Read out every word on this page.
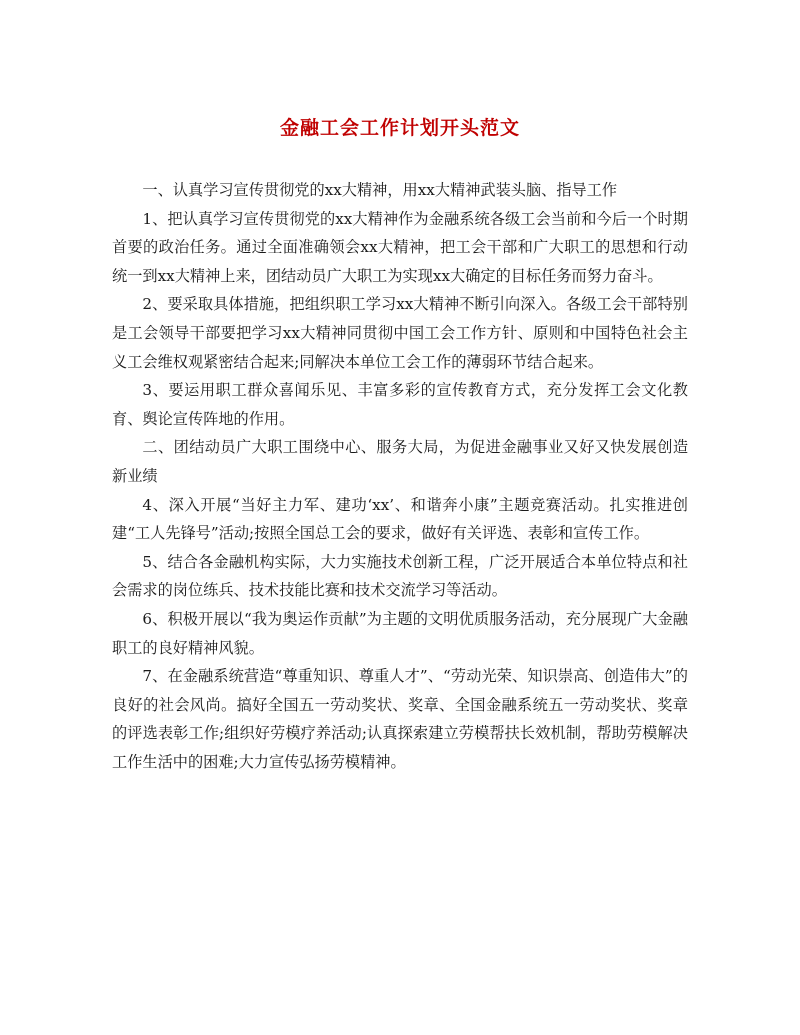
金融工会工作计划开头范文

一、认真学习宣传贯彻党的xx大精神，用xx大精神武装头脑、指导工作

1、把认真学习宣传贯彻党的xx大精神作为金融系统各级工会当前和今后一个时期首要的政治任务。通过全面准确领会xx大精神，把工会干部和广大职工的思想和行动统一到xx大精神上来，团结动员广大职工为实现xx大确定的目标任务而努力奋斗。

2、要采取具体措施，把组织职工学习xx大精神不断引向深入。各级工会干部特别是工会领导干部要把学习xx大精神同贯彻中国工会工作方针、原则和中国特色社会主义工会维权观紧密结合起来;同解决本单位工会工作的薄弱环节结合起来。

3、要运用职工群众喜闻乐见、丰富多彩的宣传教育方式，充分发挥工会文化教育、舆论宣传阵地的作用。

二、团结动员广大职工围绕中心、服务大局，为促进金融事业又好又快发展创造新业绩

4、深入开展“当好主力军、建功‘xx’、和谐奔小康”主题竞赛活动。扎实推进创建“工人先锋号”活动;按照全国总工会的要求，做好有关评选、表彰和宣传工作。

5、结合各金融机构实际，大力实施技术创新工程，广泛开展适合本单位特点和社会需求的岗位练兵、技术技能比赛和技术交流学习等活动。

6、积极开展以“我为奥运作贡献”为主题的文明优质服务活动，充分展现广大金融职工的良好精神风貌。

7、在金融系统营造“尊重知识、尊重人才”、“劳动光荣、知识崇高、创造伟大”的良好的社会风尚。搞好全国五一劳动奖状、奖章、全国金融系统五一劳动奖状、奖章的评选表彰工作;组织好劳模疗养活动;认真探索建立劳模帮扶长效机制，帮助劳模解决工作生活中的困难;大力宣传弘扬劳模精神。
